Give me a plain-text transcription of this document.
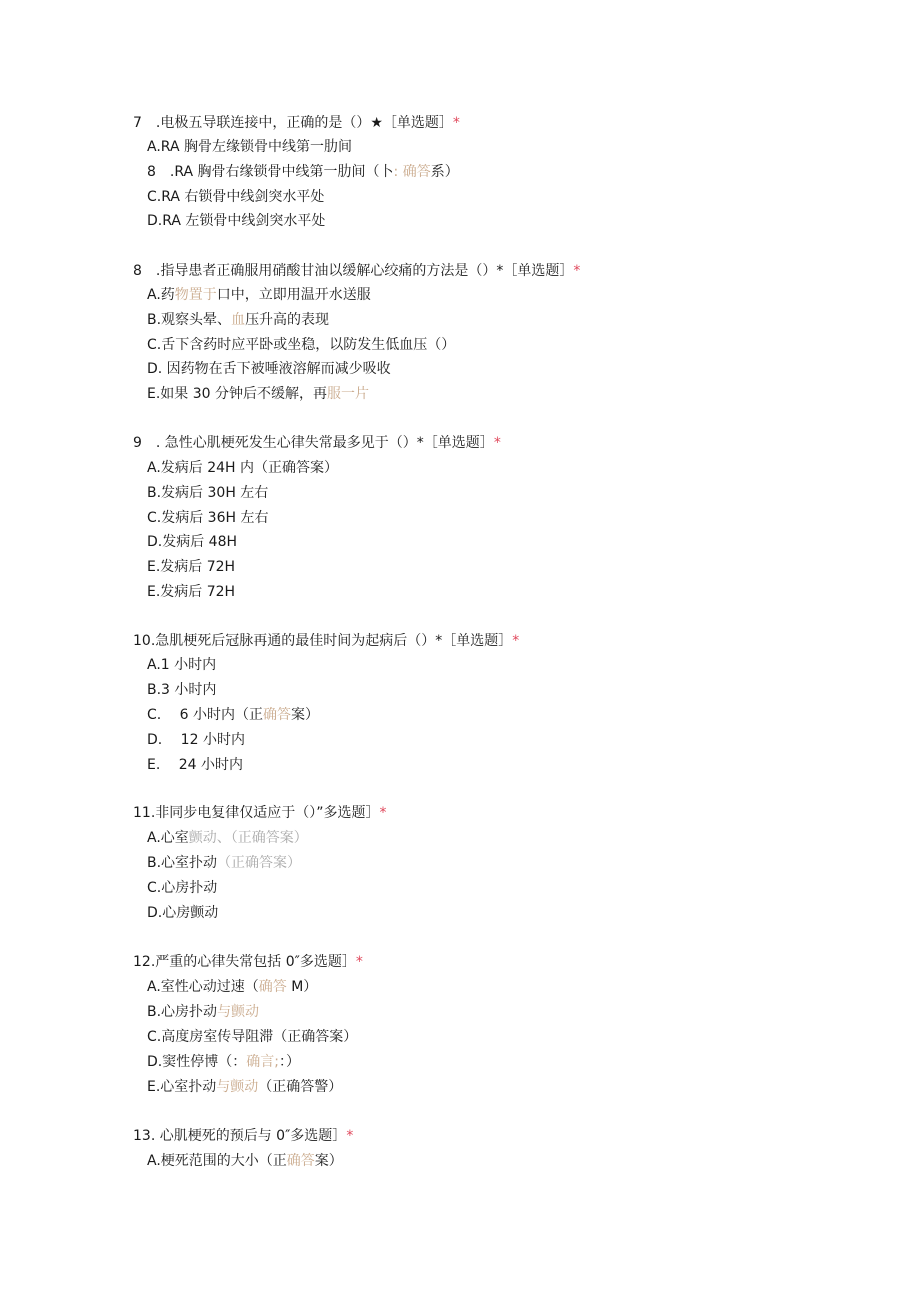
7　.电极五导联连接中，正确的是（）★［单选题］*
A.RA 胸骨左缘锁骨中线第一肋间
8　.RA 胸骨右缘锁骨中线第一肋间（卜: 确答系）
C.RA 右锁骨中线剑突水平处
D.RA 左锁骨中线剑突水平处
8　.指导患者正确服用硝酸甘油以缓解心绞痛的方法是（）*［单选题］*
A.药物置于口中，立即用温开水送服
B.观察头晕、血压升高的表现
C.舌下含药时应平卧或坐稳，以防发生低血压（）
D. 因药物在舌下被唾液溶解而减少吸收
E.如果 30 分钟后不缓解，再服一片
9　. 急性心肌梗死发生心律失常最多见于（）*［单选题］*
A.发病后 24H 内（正确答案）
B.发病后 30H 左右
C.发病后 36H 左右
D.发病后 48H
E.发病后 72H
E.发病后 72H
10.急肌梗死后冠脉再通的最佳时间为起病后（）*［单选题］*
A.1 小时内
B.3 小时内
C.　 6 小时内（正确答案）
D.　 12 小时内
E.　 24 小时内
11.非同步电复律仅适应于（）”多选题］*
A.心室颤动、（正确答案）
B.心室扑动（正确答案）
C.心房扑动
D.心房颤动
12.严重的心律失常包括 0″多选题］*
A.室性心动过速（确答 M）
B.心房扑动与颤动
C.高度房室传导阻滞（正确答案）
D.窦性停博（：确言;：）
E.心室扑动与颤动（正确答警）
13. 心肌梗死的预后与 0″多选题］*
A.梗死范围的大小（正确答案）
